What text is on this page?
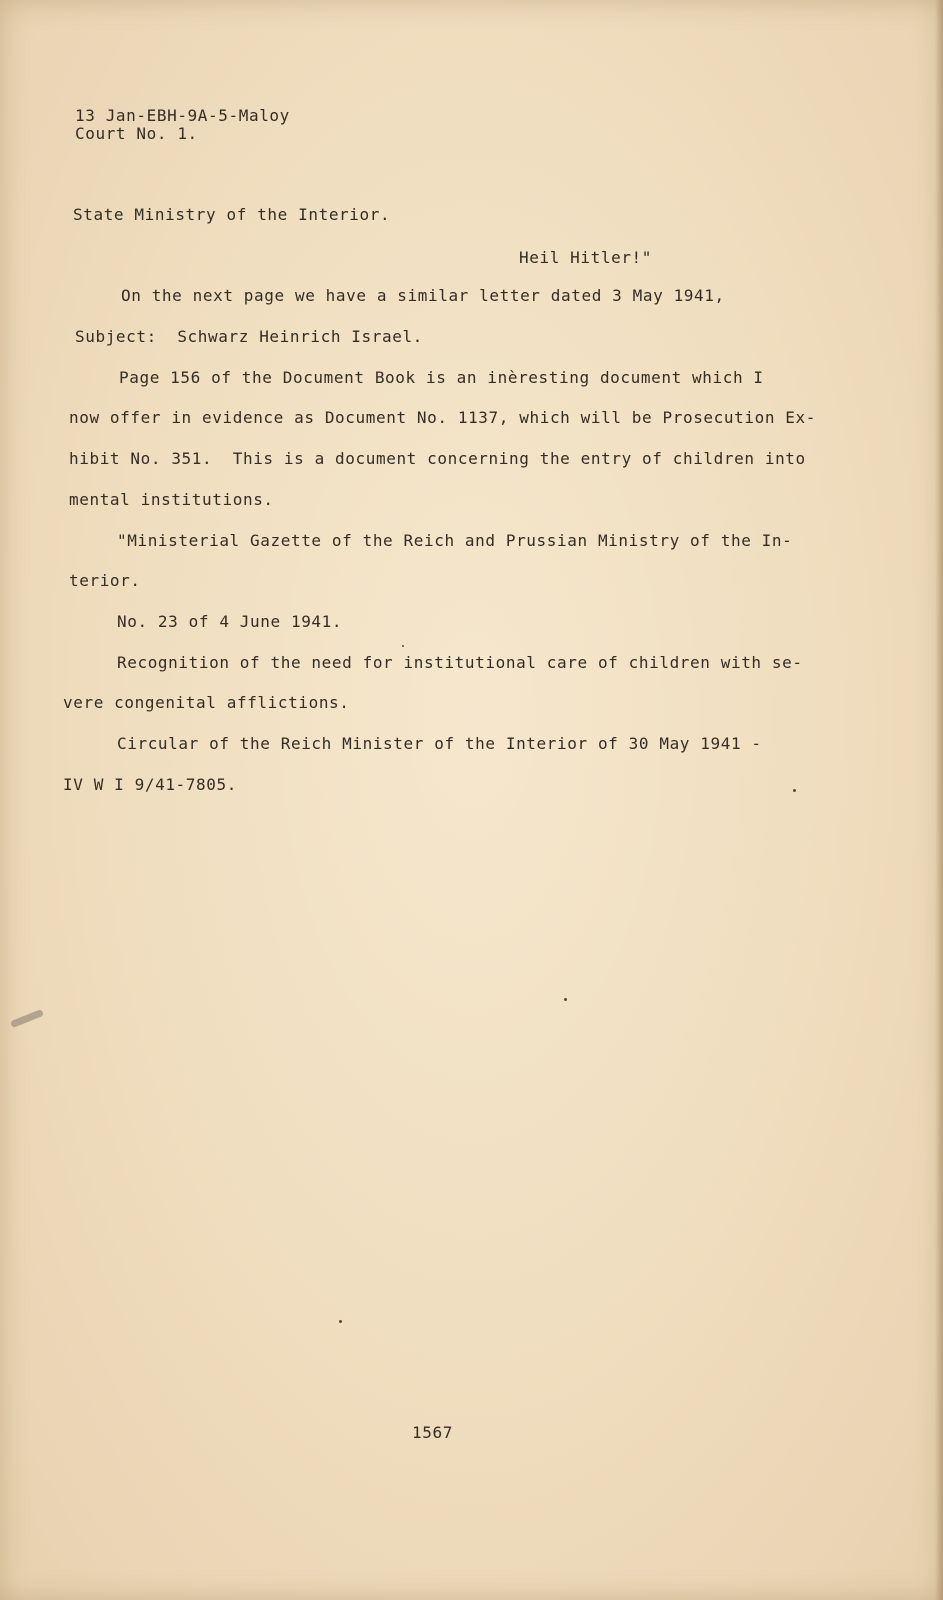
13 Jan-EBH-9A-5-Maloy

Court No. 1.

State Ministry of the Interior.

Heil Hitler!"

On the next page we have a similar letter dated 3 May 1941,

Subject:  Schwarz Heinrich Israel.

Page 156 of the Document Book is an inèresting document which I

now offer in evidence as Document No. 1137, which will be Prosecution Ex-

hibit No. 351.  This is a document concerning the entry of children into

mental institutions.

"Ministerial Gazette of the Reich and Prussian Ministry of the In-

terior.

No. 23 of 4 June 1941.

Recognition of the need for institutional care of children with se-

vere congenital afflictions.

Circular of the Reich Minister of the Interior of 30 May 1941 -

IV W I 9/41-7805.

1567
